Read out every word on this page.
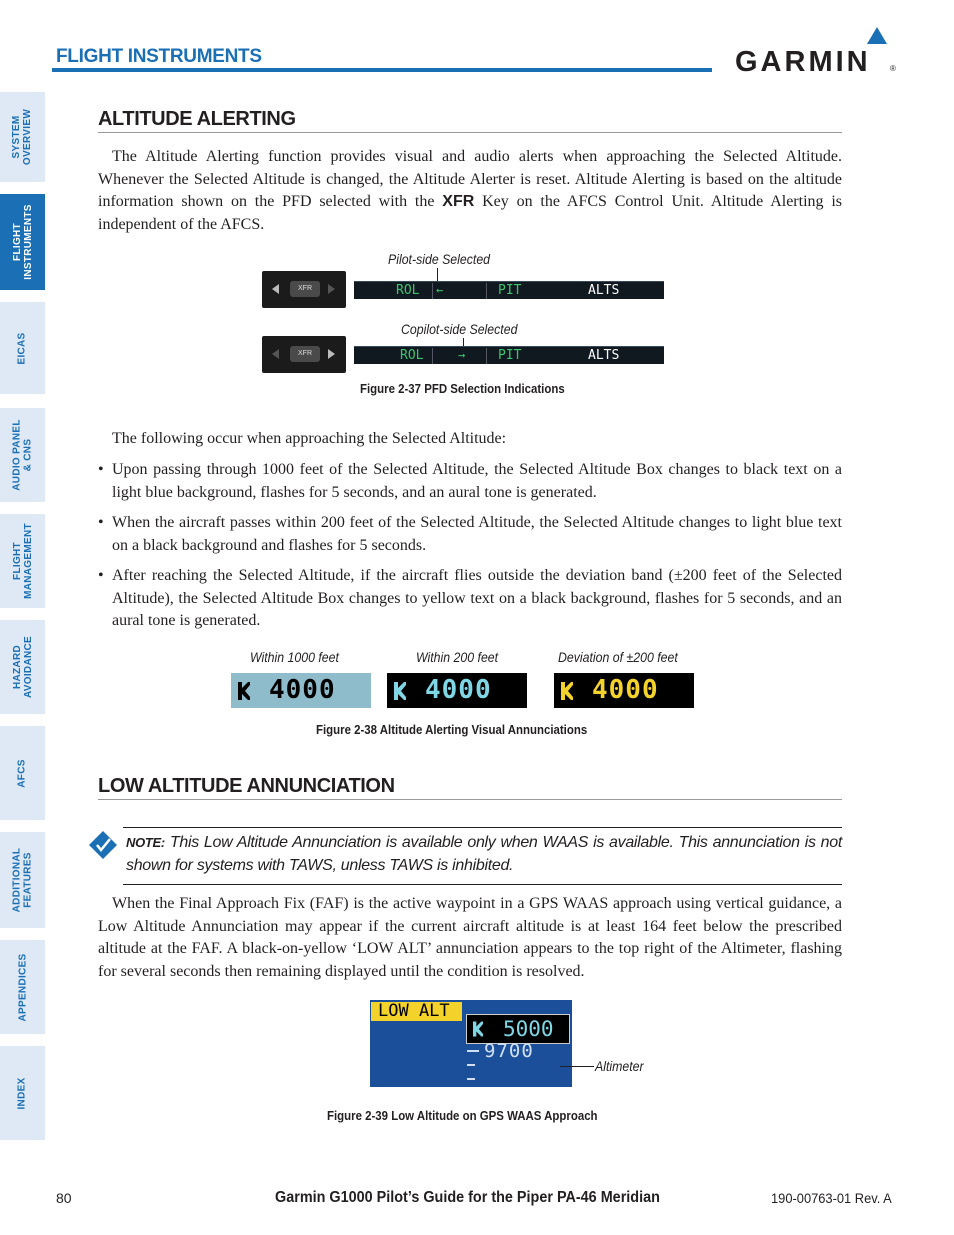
SYSTEM
OVERVIEW
FLIGHT
INSTRUMENTS
EICAS
AUDIO PANEL
& CNS
FLIGHT
MANAGEMENT
HAZARD
AVOIDANCE
AFCS
ADDITIONAL
FEATURES
APPENDICES
INDEX
FLIGHT INSTRUMENTS	GARMIN ®
ALTITUDE ALERTING

The Altitude Alerting function provides visual and audio alerts when approaching the Selected Altitude. Whenever the Selected Altitude is changed, the Altitude Alerter is reset. Altitude Alerting is based on the altitude information shown on the PFD selected with the XFR Key on the AFCS Control Unit. Altitude Alerting is independent of the AFCS.

Pilot-side Selected
XFR	ROL ←	PIT	ALTS
Copilot-side Selected
XFR	ROL	→	PIT	ALTS
Figure 2-37 PFD Selection Indications

The following occur when approaching the Selected Altitude:

• Upon passing through 1000 feet of the Selected Altitude, the Selected Altitude Box changes to black text on a light blue background, flashes for 5 seconds, and an aural tone is generated.
• When the aircraft passes within 200 feet of the Selected Altitude, the Selected Altitude changes to light blue text on a black background and flashes for 5 seconds.
• After reaching the Selected Altitude, if the aircraft flies outside the deviation band (±200 feet of the Selected Altitude), the Selected Altitude Box changes to yellow text on a black background, flashes for 5 seconds, and an aural tone is generated.
Within 1000 feet	Within 200 feet	Deviation of ±200 feet
4000	4000	4000
Figure 2-38 Altitude Alerting Visual Annunciations
LOW ALTITUDE ANNUNCIATION

NOTE: This Low Altitude Annunciation is available only when WAAS is available. This annunciation is not shown for systems with TAWS, unless TAWS is inhibited.

When the Final Approach Fix (FAF) is the active waypoint in a GPS WAAS approach using vertical guidance, a Low Altitude Annunciation may appear if the current aircraft altitude is at least 164 feet below the prescribed altitude at the FAF. A black-on-yellow ‘LOW ALT’ annunciation appears to the top right of the Altimeter, flashing for several seconds then remaining displayed until the condition is resolved.

LOW ALT
5000
9700
Altimeter
Figure 2-39 Low Altitude on GPS WAAS Approach
80	Garmin G1000 Pilot’s Guide for the Piper PA-46 Meridian	190-00763-01 Rev. A
